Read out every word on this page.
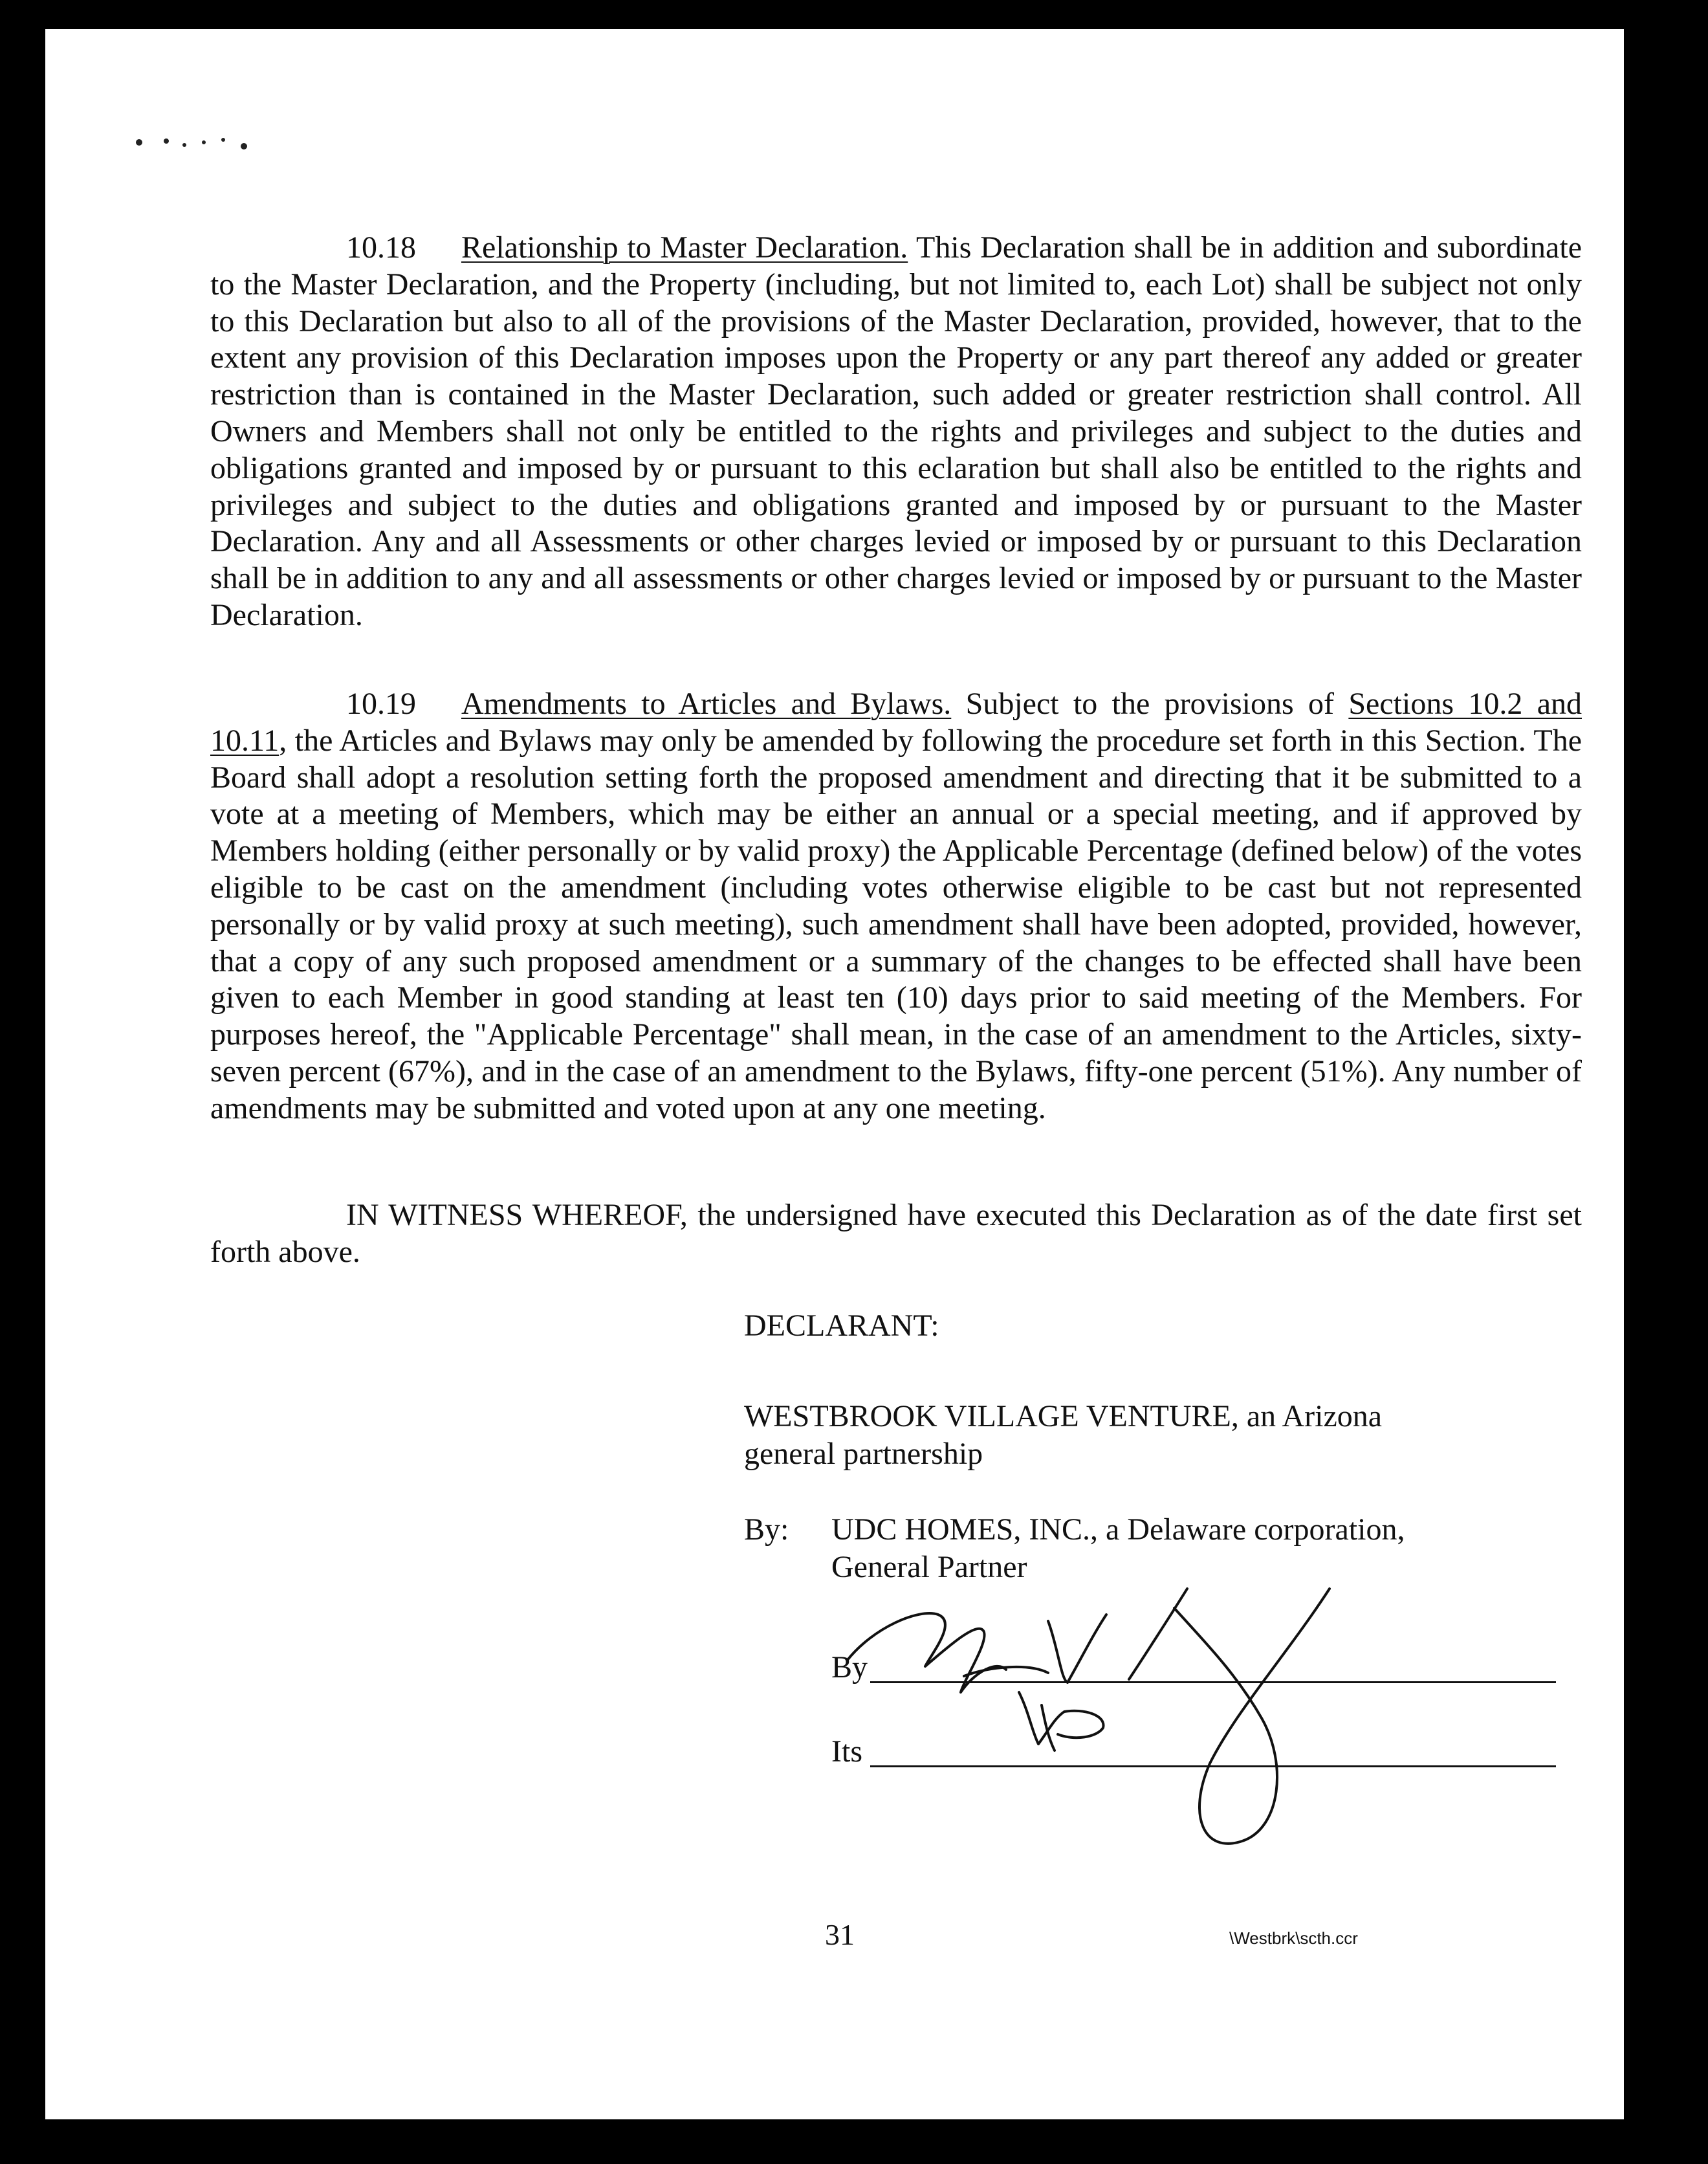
10.18 Relationship to Master Declaration. This Declaration shall be in addition and subordinate to the Master Declaration, and the Property (including, but not limited to, each Lot) shall be subject not only to this Declaration but also to all of the provisions of the Master Declaration, provided, however, that to the extent any provision of this Declaration imposes upon the Property or any part thereof any added or greater restriction than is contained in the Master Declaration, such added or greater restriction shall control. All Owners and Members shall not only be entitled to the rights and privileges and subject to the duties and obligations granted and imposed by or pursuant to this eclaration but shall also be entitled to the rights and privileges and subject to the duties and obligations granted and imposed by or pursuant to the Master Declaration. Any and all Assessments or other charges levied or imposed by or pursuant to this Declaration shall be in addition to any and all assessments or other charges levied or imposed by or pursuant to the Master Declaration.

10.19 Amendments to Articles and Bylaws. Subject to the provisions of Sections 10.2 and 10.11, the Articles and Bylaws may only be amended by following the procedure set forth in this Section. The Board shall adopt a resolution setting forth the proposed amendment and directing that it be submitted to a vote at a meeting of Members, which may be either an annual or a special meeting, and if approved by Members holding (either personally or by valid proxy) the Applicable Percentage (defined below) of the votes eligible to be cast on the amendment (including votes otherwise eligible to be cast but not represented personally or by valid proxy at such meeting), such amendment shall have been adopted, provided, however, that a copy of any such proposed amendment or a summary of the changes to be effected shall have been given to each Member in good standing at least ten (10) days prior to said meeting of the Members. For purposes hereof, the "Applicable Percentage" shall mean, in the case of an amendment to the Articles, sixty-seven percent (67%), and in the case of an amendment to the Bylaws, fifty-one percent (51%). Any number of amendments may be submitted and voted upon at any one meeting.

IN WITNESS WHEREOF, the undersigned have executed this Declaration as of the date first set forth above.

DECLARANT:
WESTBROOK VILLAGE VENTURE, an Arizona
general partnership
By: UDC HOMES, INC., a Delaware corporation,
General Partner
By
Its VP
31	\Westbrk\scth.ccr
